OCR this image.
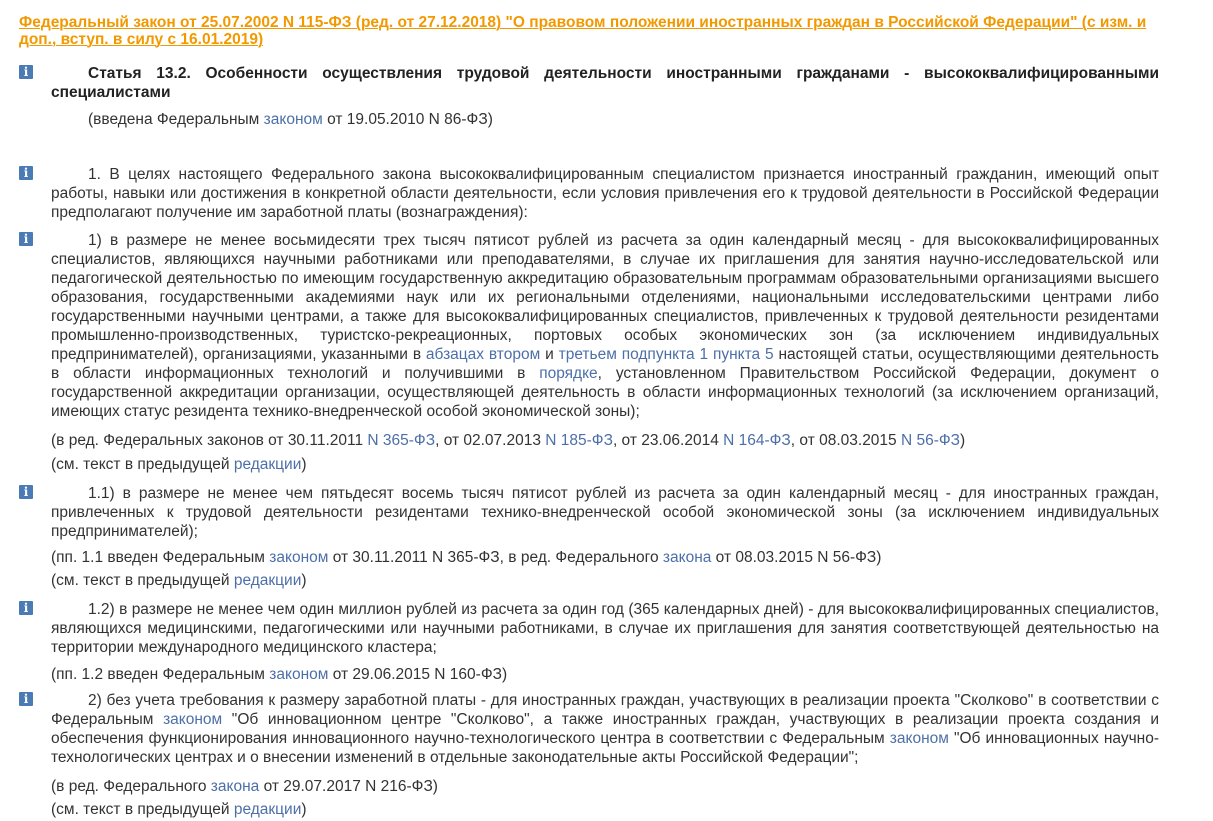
Федеральный закон от 25.07.2002 N 115-ФЗ (ред. от 27.12.2018) "О правовом положении иностранных граждан в Российской Федерации" (с изм. и доп., вступ. в силу с 16.01.2019)
i	Статья 13.2. Особенности осуществления трудовой деятельности иностранными гражданами - высококвалифицированными специалистами
(введена Федеральным законом от 19.05.2010 N 86-ФЗ)
i	1. В целях настоящего Федерального закона высококвалифицированным специалистом признается иностранный гражданин, имеющий опыт работы, навыки или достижения в конкретной области деятельности, если условия привлечения его к трудовой деятельности в Российской Федерации предполагают получение им заработной платы (вознаграждения):
i	1) в размере не менее восьмидесяти трех тысяч пятисот рублей из расчета за один календарный месяц - для высококвалифицированных специалистов, являющихся научными работниками или преподавателями, в случае их приглашения для занятия научно-исследовательской или педагогической деятельностью по имеющим государственную аккредитацию образовательным программам образовательными организациями высшего образования, государственными академиями наук или их региональными отделениями, национальными исследовательскими центрами либо государственными научными центрами, а также для высококвалифицированных специалистов, привлеченных к трудовой деятельности резидентами промышленно-производственных, туристско-рекреационных, портовых особых экономических зон (за исключением индивидуальных предпринимателей), организациями, указанными в абзацах втором и третьем подпункта 1 пункта 5 настоящей статьи, осуществляющими деятельность в области информационных технологий и получившими в порядке, установленном Правительством Российской Федерации, документ о государственной аккредитации организации, осуществляющей деятельность в области информационных технологий (за исключением организаций, имеющих статус резидента технико-внедренческой особой экономической зоны);
(в ред. Федеральных законов от 30.11.2011 N 365-ФЗ, от 02.07.2013 N 185-ФЗ, от 23.06.2014 N 164-ФЗ, от 08.03.2015 N 56-ФЗ)
(см. текст в предыдущей редакции)
i	1.1) в размере не менее чем пятьдесят восемь тысяч пятисот рублей из расчета за один календарный месяц - для иностранных граждан, привлеченных к трудовой деятельности резидентами технико-внедренческой особой экономической зоны (за исключением индивидуальных предпринимателей);
(пп. 1.1 введен Федеральным законом от 30.11.2011 N 365-ФЗ, в ред. Федерального закона от 08.03.2015 N 56-ФЗ)
(см. текст в предыдущей редакции)
i	1.2) в размере не менее чем один миллион рублей из расчета за один год (365 календарных дней) - для высококвалифицированных специалистов, являющихся медицинскими, педагогическими или научными работниками, в случае их приглашения для занятия соответствующей деятельностью на территории международного медицинского кластера;
(пп. 1.2 введен Федеральным законом от 29.06.2015 N 160-ФЗ)
i	2) без учета требования к размеру заработной платы - для иностранных граждан, участвующих в реализации проекта "Сколково" в соответствии с Федеральным законом "Об инновационном центре "Сколково", а также иностранных граждан, участвующих в реализации проекта создания и обеспечения функционирования инновационного научно-технологического центра в соответствии с Федеральным законом "Об инновационных научно-технологических центрах и о внесении изменений в отдельные законодательные акты Российской Федерации";
(в ред. Федерального закона от 29.07.2017 N 216-ФЗ)
(см. текст в предыдущей редакции)
